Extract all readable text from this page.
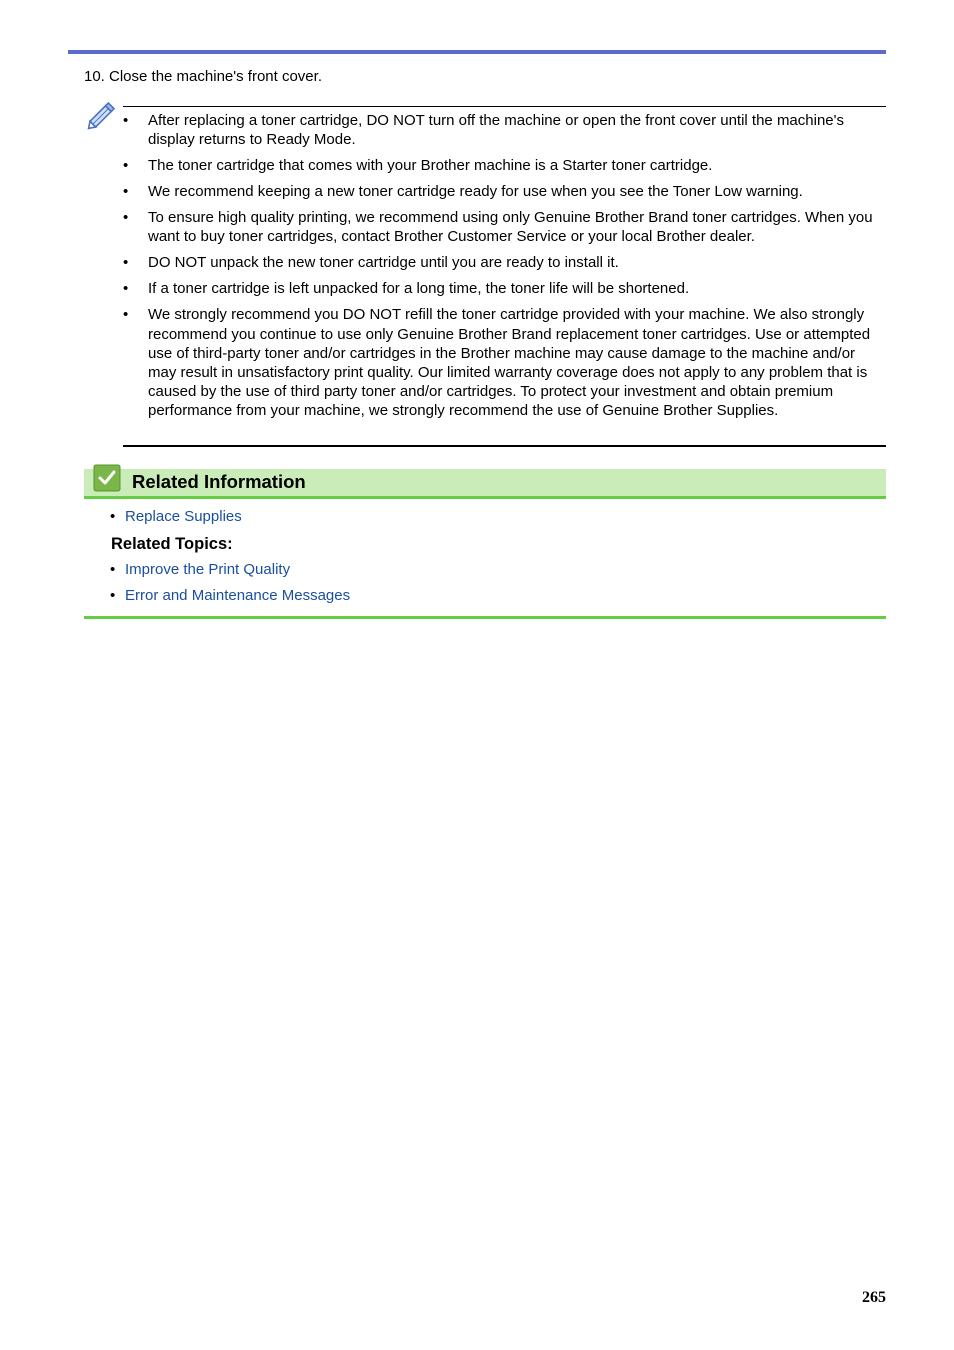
10. Close the machine's front cover.
• After replacing a toner cartridge, DO NOT turn off the machine or open the front cover until the machine's display returns to Ready Mode.
• The toner cartridge that comes with your Brother machine is a Starter toner cartridge.
• We recommend keeping a new toner cartridge ready for use when you see the Toner Low warning.
• To ensure high quality printing, we recommend using only Genuine Brother Brand toner cartridges. When you want to buy toner cartridges, contact Brother Customer Service or your local Brother dealer.
• DO NOT unpack the new toner cartridge until you are ready to install it.
• If a toner cartridge is left unpacked for a long time, the toner life will be shortened.
• We strongly recommend you DO NOT refill the toner cartridge provided with your machine. We also strongly recommend you continue to use only Genuine Brother Brand replacement toner cartridges. Use or attempted use of third-party toner and/or cartridges in the Brother machine may cause damage to the machine and/or may result in unsatisfactory print quality. Our limited warranty coverage does not apply to any problem that is caused by the use of third party toner and/or cartridges. To protect your investment and obtain premium performance from your machine, we strongly recommend the use of Genuine Brother Supplies.
Related Information
• Replace Supplies
Related Topics:
• Improve the Print Quality
• Error and Maintenance Messages
265
